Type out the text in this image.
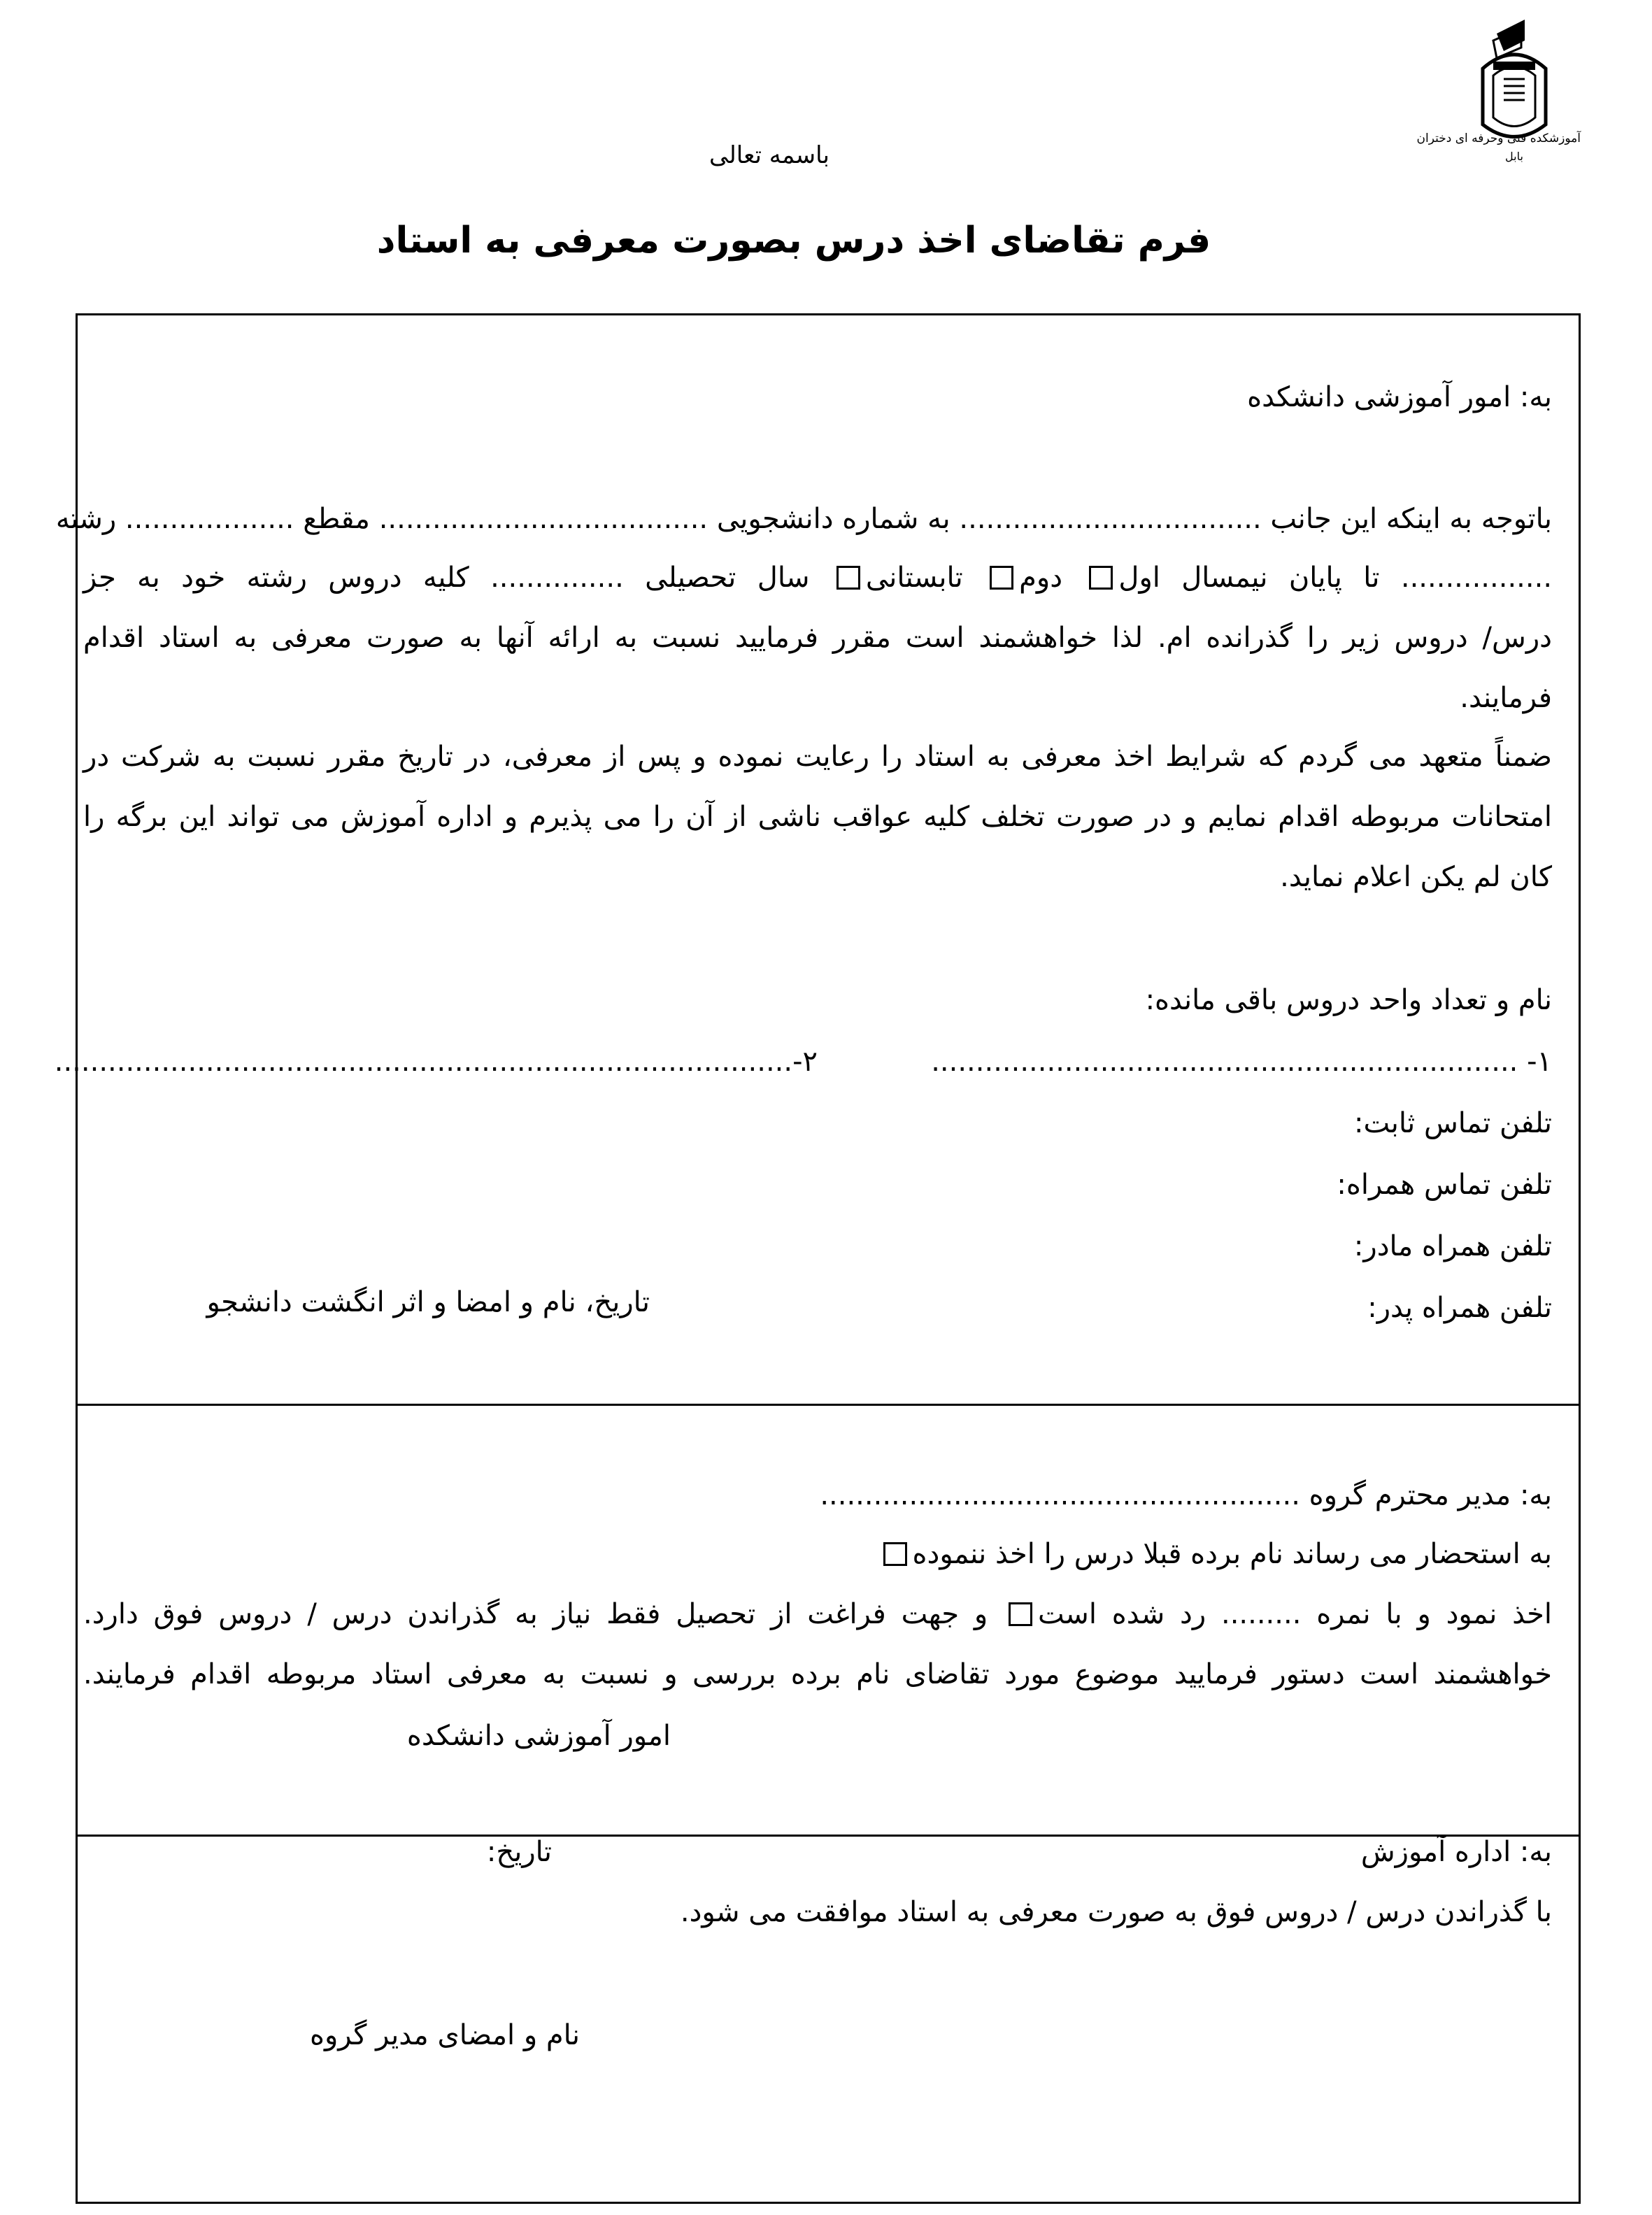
آموزشکده فنی وحرفه ای دختران
بابل
باسمه تعالی
فرم تقاضای اخذ درس بصورت معرفی به استاد
به: امور آموزشی دانشکده
باتوجه به اینکه این جانب .................................. به شماره دانشجویی ..................................... مقطع ................... رشته
................. تا پایان نیمسال اول دوم تابستانی سال تحصیلی ............... کلیه دروس رشته خود به جز
درس/ دروس زیر را گذرانده ام. لذا خواهشمند است مقرر فرمایید نسبت به ارائه آنها به صورت معرفی به استاد اقدام
فرمایند.
ضمناً متعهد می گردم که شرایط اخذ معرفی به استاد را رعایت نموده و پس از معرفی، در تاریخ مقرر نسبت به شرکت در
امتحانات مربوطه اقدام نمایم و در صورت تخلف کلیه عواقب ناشی از آن را می پذیرم و اداره آموزش می تواند این برگه را
کان لم یکن اعلام نماید.
نام و تعداد واحد دروس باقی مانده:
۱- ..................................................................
۲-...................................................................................
تلفن تماس ثابت:
تلفن تماس همراه:
تلفن همراه مادر:
تلفن همراه پدر:
تاریخ، نام و امضا و اثر انگشت دانشجو
به: مدیر محترم گروه ......................................................
به استحضار می رساند نام برده قبلا درس را اخذ ننموده
اخذ نمود و با نمره ......... رد شده است و جهت فراغت از تحصیل فقط نیاز به گذراندن درس / دروس فوق دارد.
خواهشمند است دستور فرمایید موضوع مورد تقاضای نام برده بررسی و نسبت به معرفی استاد مربوطه اقدام فرمایند.
امور آموزشی دانشکده
به: اداره آموزش
تاریخ:
با گذراندن درس / دروس فوق به صورت معرفی به استاد موافقت می شود.
نام و امضای مدیر گروه
